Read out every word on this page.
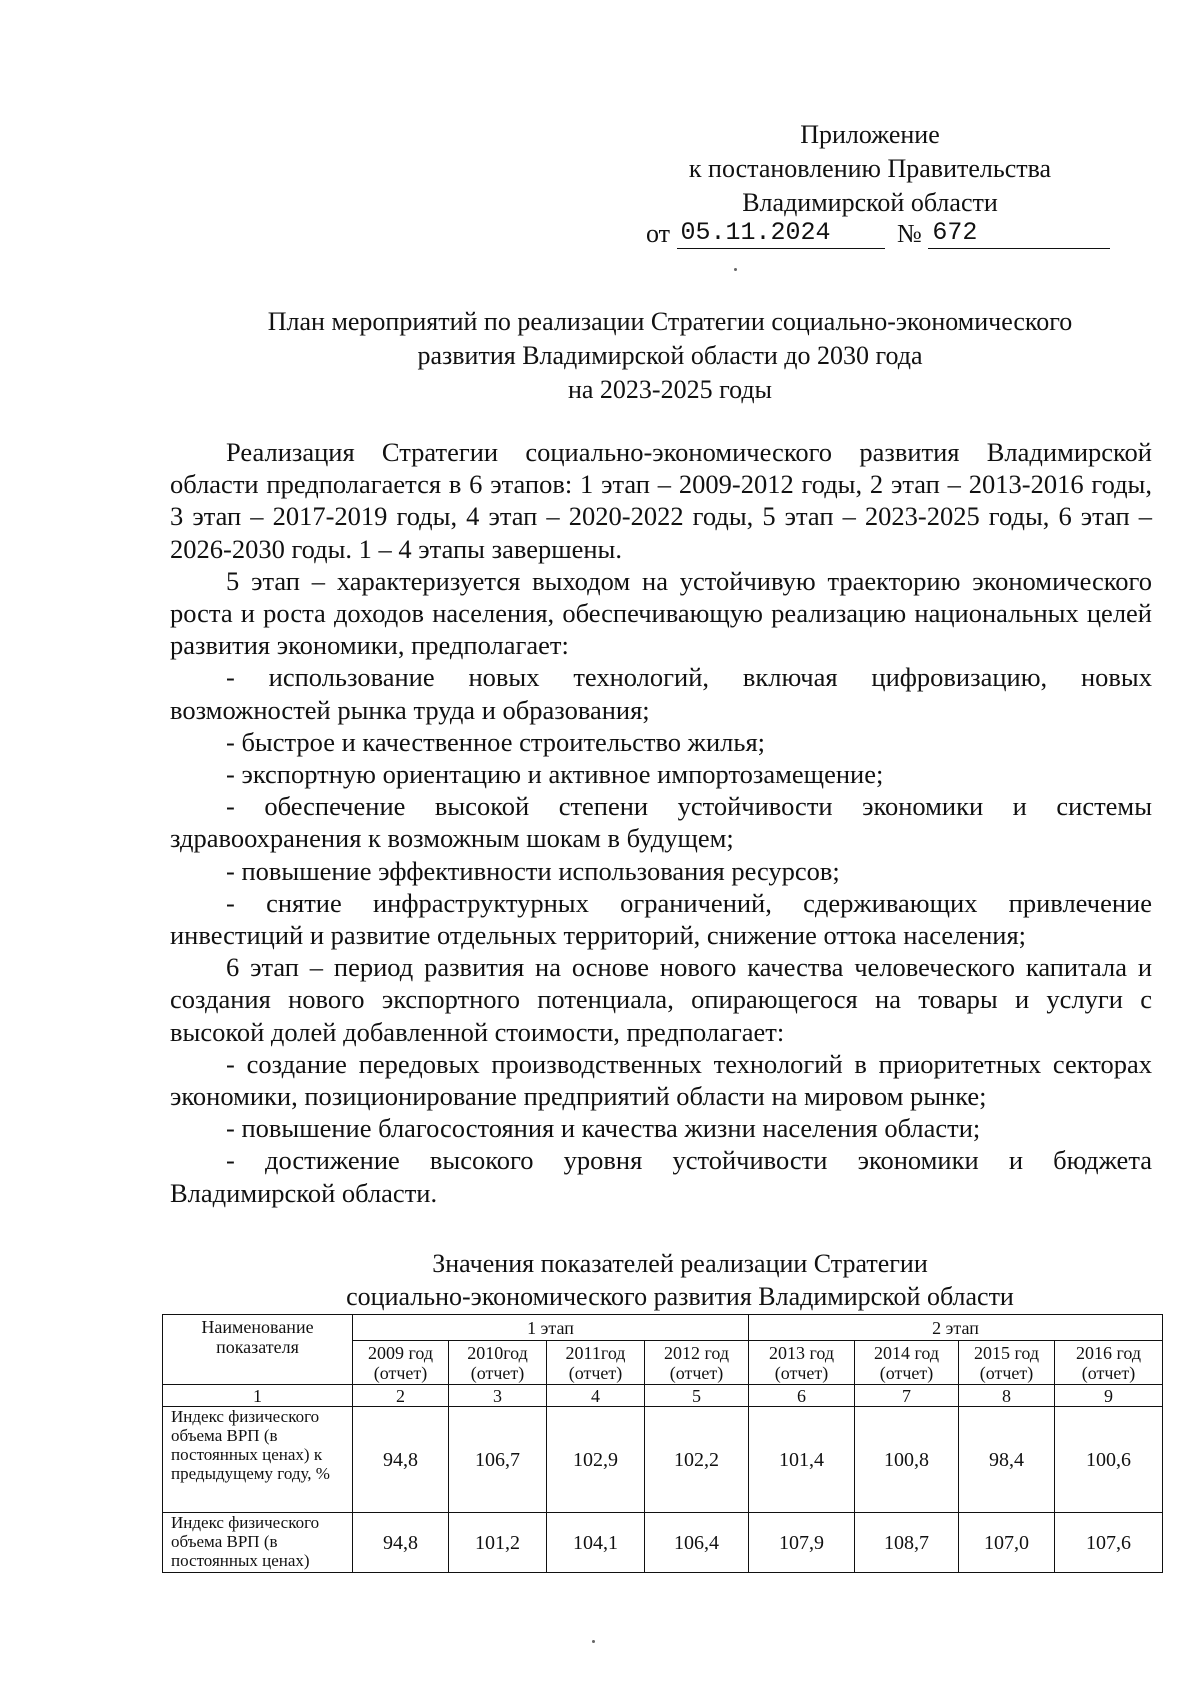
Приложение
к постановлению Правительства
Владимирской области
от 05.11.2024	№ 672
План мероприятий по реализации Стратегии социально-экономического
развития Владимирской области до 2030 года
на 2023-2025 годы

Реализация Стратегии социально-экономического развития Владимирской области предполагается в 6 этапов: 1 этап – 2009-2012 годы, 2 этап – 2013-2016 годы, 3 этап – 2017-2019 годы, 4 этап – 2020-2022 годы, 5 этап – 2023-2025 годы, 6 этап – 2026-2030 годы. 1 – 4 этапы завершены.

5 этап – характеризуется выходом на устойчивую траекторию экономического роста и роста доходов населения, обеспечивающую реализацию национальных целей развития экономики, предполагает:

- использование новых технологий, включая цифровизацию, новых возможностей рынка труда и образования;

- быстрое и качественное строительство жилья;

- экспортную ориентацию и активное импортозамещение;

- обеспечение высокой степени устойчивости экономики и системы здравоохранения к возможным шокам в будущем;

- повышение эффективности использования ресурсов;

- снятие инфраструктурных ограничений, сдерживающих привлечение инвестиций и развитие отдельных территорий, снижение оттока населения;

6 этап – период развития на основе нового качества человеческого капитала и создания нового экспортного потенциала, опирающегося на товары и услуги с высокой долей добавленной стоимости, предполагает:

- создание передовых производственных технологий в приоритетных секторах экономики, позиционирование предприятий области на мировом рынке;

- повышение благосостояния и качества жизни населения области;

- достижение высокого уровня устойчивости экономики и бюджета Владимирской области.

Значения показателей реализации Стратегии
социально-экономического развития Владимирской области
Наименование показателя	1 этап				2 этап			
	2009 год (отчет)	2010год (отчет)	2011год (отчет)	2012 год (отчет)	2013 год (отчет)	2014 год (отчет)	2015 год (отчет)	2016 год (отчет)
1	2	3	4	5	6	7	8	9
Индекс физического объема ВРП (в постоянных ценах) к предыдущему году, %	94,8	106,7	102,9	102,2	101,4	100,8	98,4	100,6
Индекс физического объема ВРП (в постоянных ценах)	94,8	101,2	104,1	106,4	107,9	108,7	107,0	107,6
